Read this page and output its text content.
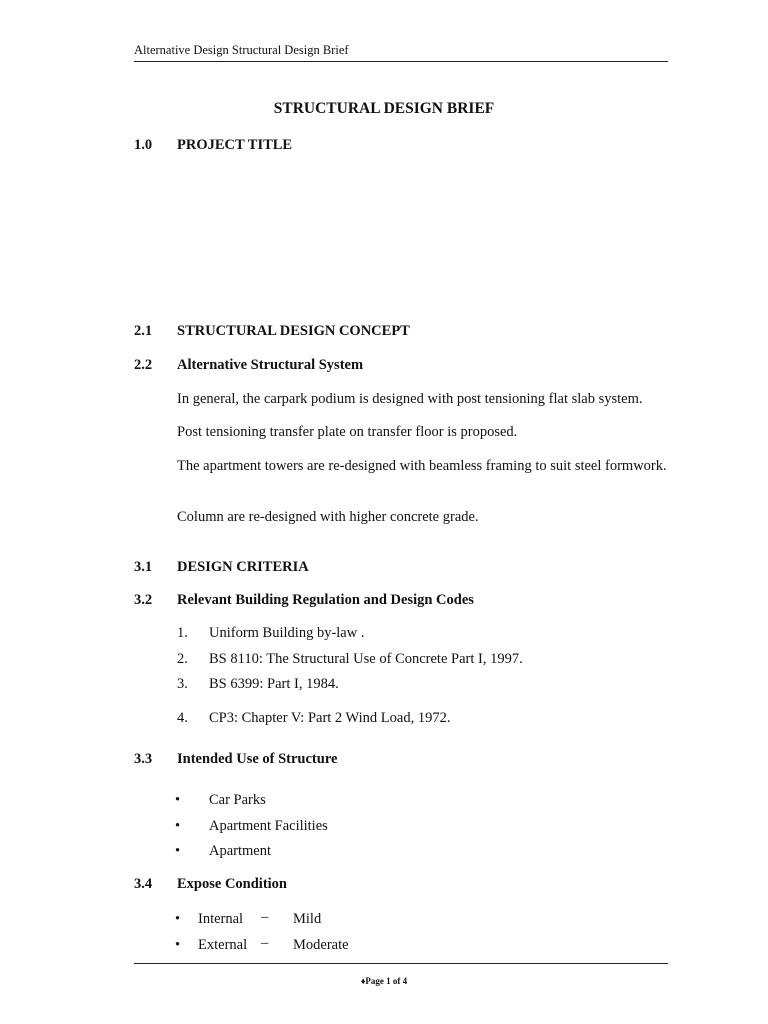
Alternative Design Structural Design Brief
STRUCTURAL DESIGN BRIEF
1.0 PROJECT TITLE
2.1 STRUCTURAL DESIGN CONCEPT
2.2 Alternative Structural System
In general, the carpark podium is designed with post tensioning flat slab system.
Post tensioning transfer plate on transfer floor is proposed.
The apartment towers are re-designed with beamless framing to suit steel formwork.
Column are re-designed with higher concrete grade.
3.1 DESIGN CRITERIA
3.2 Relevant Building Regulation and Design Codes
1. Uniform Building by-law .
2. BS 8110: The Structural Use of Concrete Part I, 1997.
3. BS 6399: Part I, 1984.
4. CP3: Chapter V: Part 2 Wind Load, 1972.
3.3 Intended Use of Structure
• Car Parks
• Apartment Facilities
• Apartment
3.4 Expose Condition
• Internal – Mild
• External – Moderate
♦Page 1 of 4
